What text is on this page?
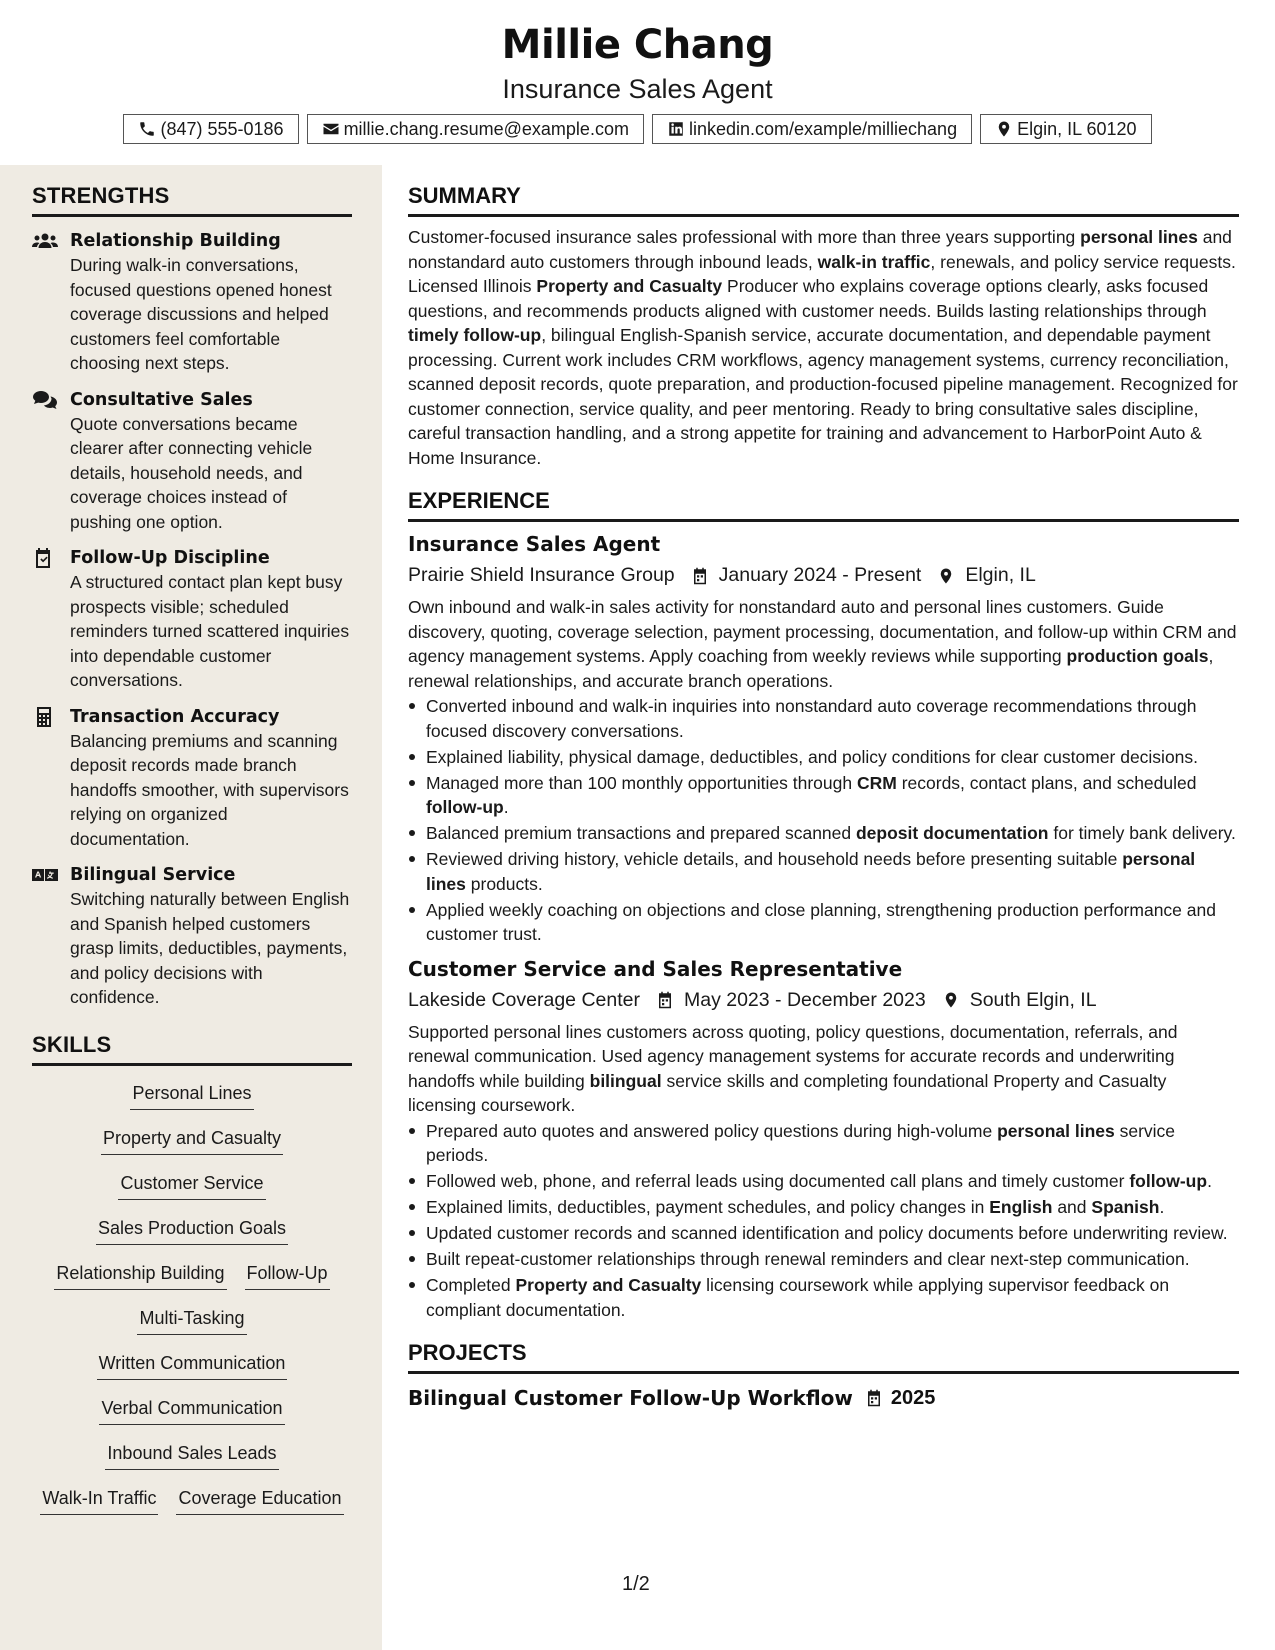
Millie Chang
Insurance Sales Agent
(847) 555-0186	millie.chang.resume@example.com	linkedin.com/example/milliechang	Elgin, IL 60120
STRENGTHS
Relationship Building
During walk-in conversations, focused questions opened honest coverage discussions and helped customers feel comfortable choosing next steps.
Consultative Sales
Quote conversations became clearer after connecting vehicle details, household needs, and coverage choices instead of pushing one option.
Follow-Up Discipline
A structured contact plan kept busy prospects visible; scheduled reminders turned scattered inquiries into dependable customer conversations.
Transaction Accuracy
Balancing premiums and scanning deposit records made branch handoffs smoother, with supervisors relying on organized documentation.
Bilingual Service
Switching naturally between English and Spanish helped customers grasp limits, deductibles, payments, and policy decisions with confidence.
SKILLS
Personal Lines
Property and Casualty
Customer Service
Sales Production Goals
Relationship Building Follow-Up
Multi-Tasking
Written Communication
Verbal Communication
Inbound Sales Leads
Walk-In Traffic Coverage Education
SUMMARY
Customer-focused insurance sales professional with more than three years supporting personal lines and nonstandard auto customers through inbound leads, walk-in traffic, renewals, and policy service requests. Licensed Illinois Property and Casualty Producer who explains coverage options clearly, asks focused questions, and recommends products aligned with customer needs. Builds lasting relationships through timely follow-up, bilingual English-Spanish service, accurate documentation, and dependable payment processing. Current work includes CRM workflows, agency management systems, currency reconciliation, scanned deposit records, quote preparation, and production-focused pipeline management. Recognized for customer connection, service quality, and peer mentoring. Ready to bring consultative sales discipline, careful transaction handling, and a strong appetite for training and advancement to HarborPoint Auto & Home Insurance.
EXPERIENCE
Insurance Sales Agent
Prairie Shield Insurance Group January 2024 - Present Elgin, IL
Own inbound and walk-in sales activity for nonstandard auto and personal lines customers. Guide discovery, quoting, coverage selection, payment processing, documentation, and follow-up within CRM and agency management systems. Apply coaching from weekly reviews while supporting production goals, renewal relationships, and accurate branch operations.
Converted inbound and walk-in inquiries into nonstandard auto coverage recommendations through focused discovery conversations.
Explained liability, physical damage, deductibles, and policy conditions for clear customer decisions.
Managed more than 100 monthly opportunities through CRM records, contact plans, and scheduled follow-up.
Balanced premium transactions and prepared scanned deposit documentation for timely bank delivery.
Reviewed driving history, vehicle details, and household needs before presenting suitable personal lines products.
Applied weekly coaching on objections and close planning, strengthening production performance and customer trust.
Customer Service and Sales Representative
Lakeside Coverage Center May 2023 - December 2023 South Elgin, IL
Supported personal lines customers across quoting, policy questions, documentation, referrals, and renewal communication. Used agency management systems for accurate records and underwriting handoffs while building bilingual service skills and completing foundational Property and Casualty licensing coursework.
Prepared auto quotes and answered policy questions during high-volume personal lines service periods.
Followed web, phone, and referral leads using documented call plans and timely customer follow-up.
Explained limits, deductibles, payment schedules, and policy changes in English and Spanish.
Updated customer records and scanned identification and policy documents before underwriting review.
Built repeat-customer relationships through renewal reminders and clear next-step communication.
Completed Property and Casualty licensing coursework while applying supervisor feedback on compliant documentation.
PROJECTS
Bilingual Customer Follow-Up Workflow 2025
1/2
